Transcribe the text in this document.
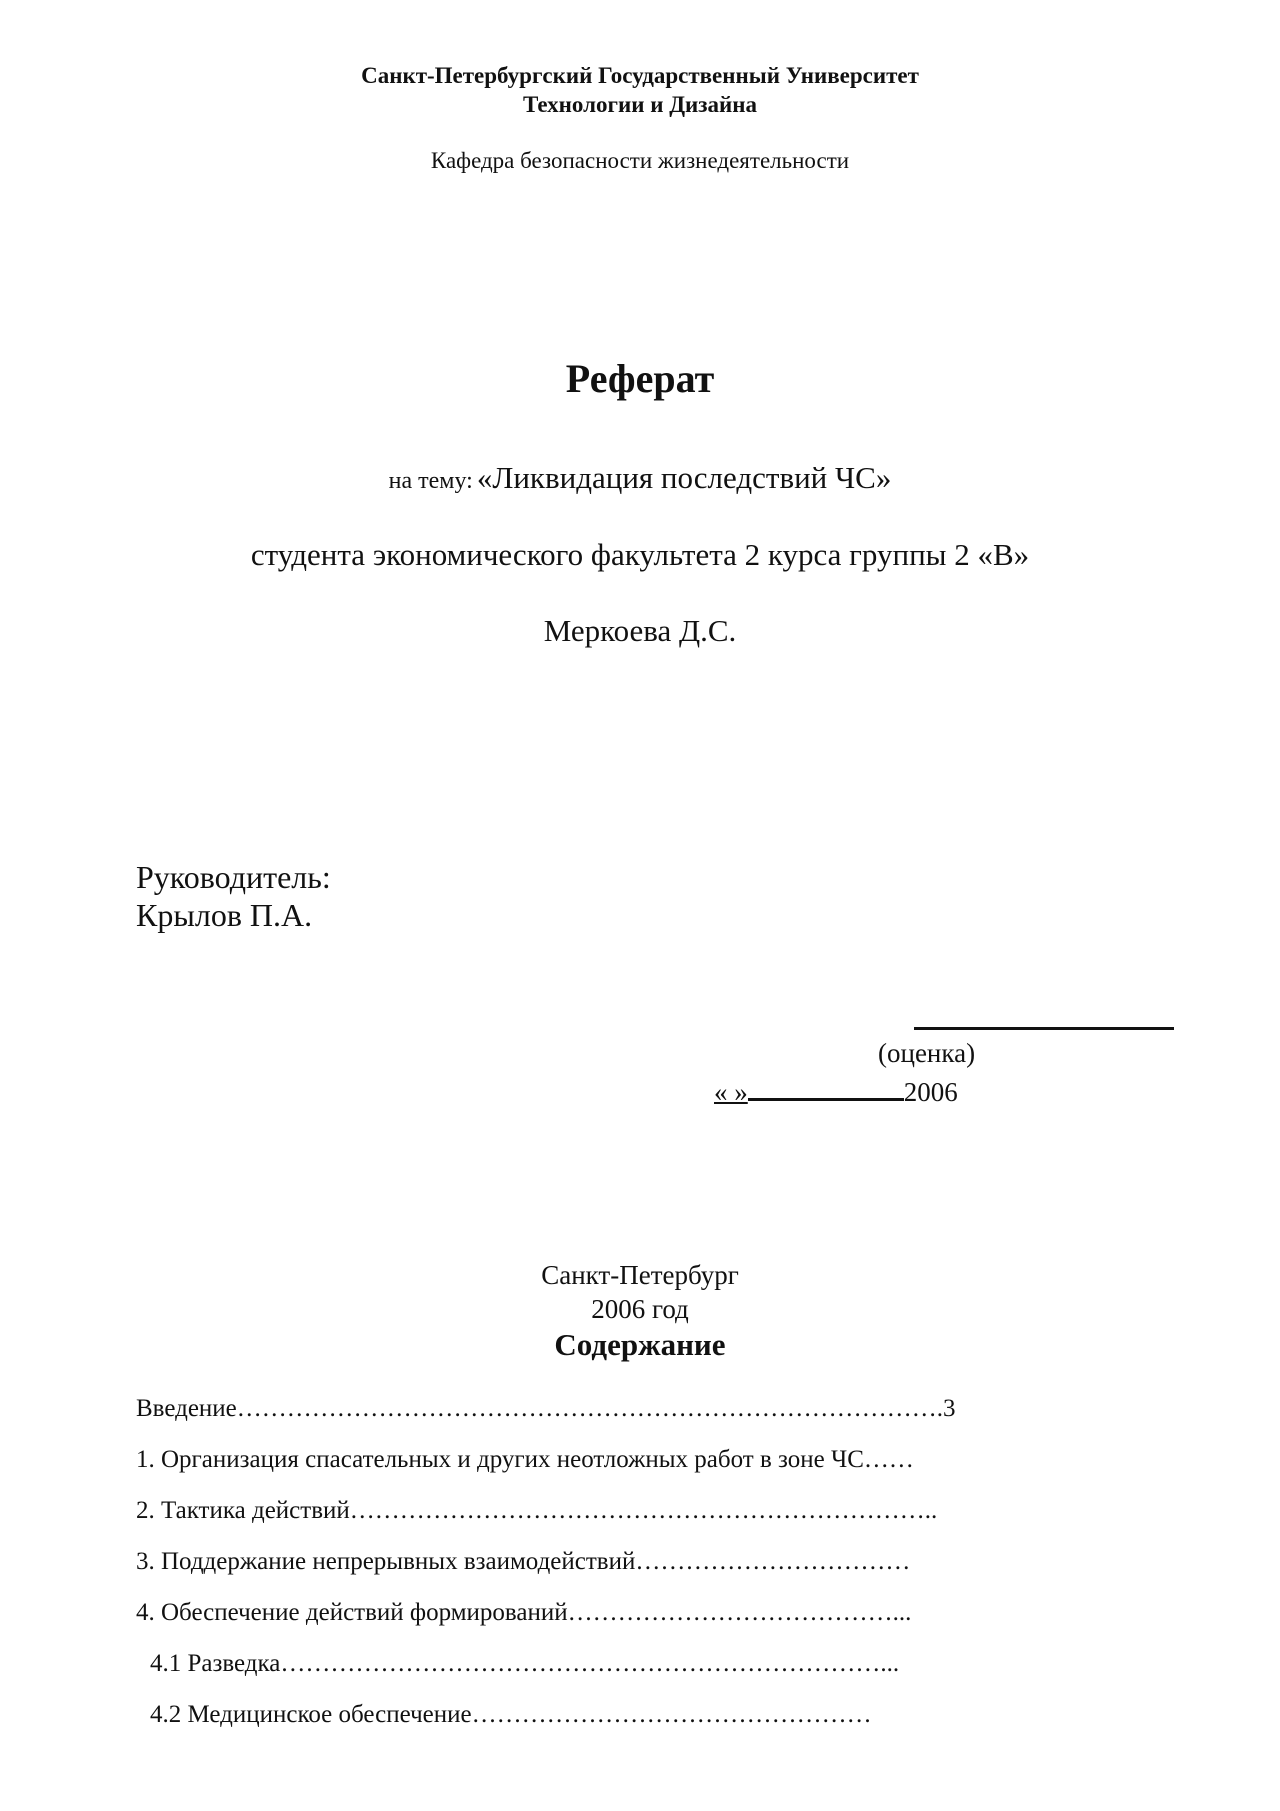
Санкт-Петербургский Государственный Университет
Технологии и Дизайна
Кафедра безопасности жизнедеятельности
Реферат
на тему: «Ликвидация последствий ЧС»
студента экономического факультета 2 курса группы 2 «В»
Меркоева Д.С.
Руководитель:
Крылов П.А.
(оценка)
« »	2006
Санкт-Петербург
2006 год
Содержание
Введение………………………………………………………………………….3
1. Организация спасательных и других неотложных работ в зоне ЧС……
2. Тактика действий……………………………………………………………..
3. Поддержание непрерывных взаимодействий……………………………
4. Обеспечение действий формирований…………………………………...
4.1 Разведка………………………………………………………………...
4.2 Медицинское обеспечение…………………………………………
